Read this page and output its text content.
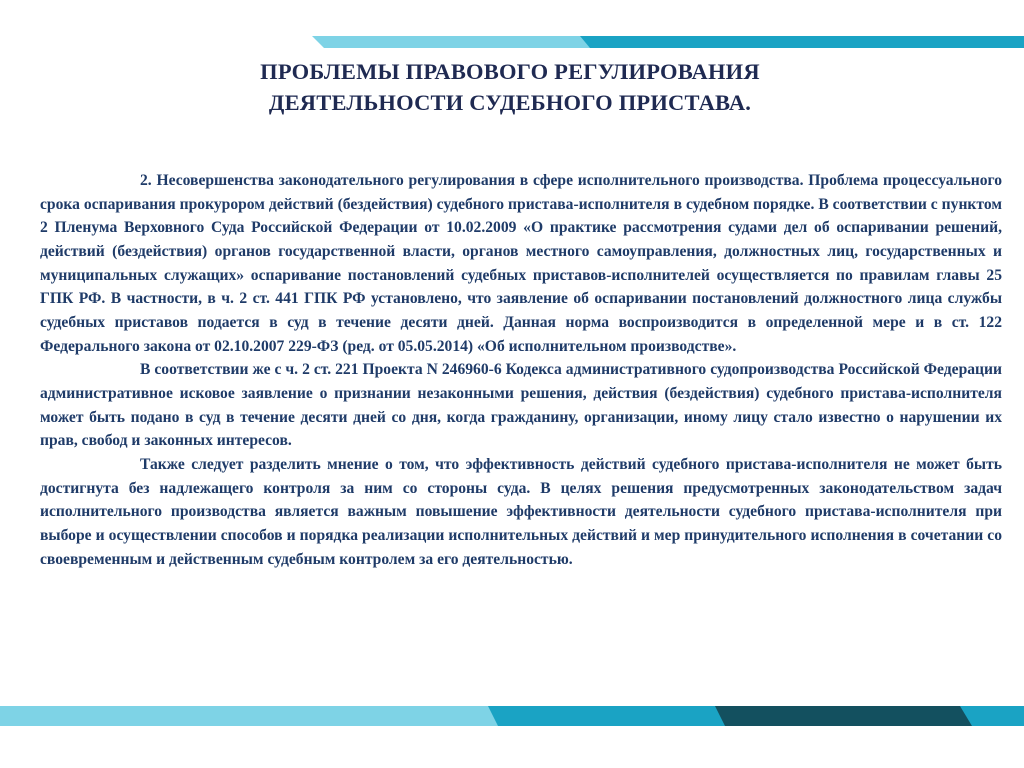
ПРОБЛЕМЫ ПРАВОВОГО РЕГУЛИРОВАНИЯ
ДЕЯТЕЛЬНОСТИ СУДЕБНОГО ПРИСТАВА.

2. Несовершенства законодательного регулирования в сфере исполнительного производства. Проблема процессуального срока оспаривания прокурором действий (бездействия) судебного пристава-исполнителя в судебном порядке. В соответствии с пунктом 2 Пленума Верховного Суда Российской Федерации от 10.02.2009 «О практике рассмотрения судами дел об оспаривании решений, действий (бездействия) органов государственной власти, органов местного самоуправления, должностных лиц, государственных и муниципальных служащих» оспаривание постановлений судебных приставов-исполнителей осуществляется по правилам главы 25 ГПК РФ. В частности, в ч. 2 ст. 441 ГПК РФ установлено, что заявление об оспаривании постановлений должностного лица службы судебных приставов подается в суд в течение десяти дней. Данная норма воспроизводится в определенной мере и в ст. 122 Федерального закона от 02.10.2007 229-ФЗ (ред. от 05.05.2014) «Об исполнительном производстве».

В соответствии же с ч. 2 ст. 221 Проекта N 246960-6 Кодекса административного судопроизводства Российской Федерации административное исковое заявление о признании незаконными решения, действия (бездействия) судебного пристава-исполнителя может быть подано в суд в течение десяти дней со дня, когда гражданину, организации, иному лицу стало известно о нарушении их прав, свобод и законных интересов.

Также следует разделить мнение о том, что эффективность действий судебного пристава-исполнителя не может быть достигнута без надлежащего контроля за ним со стороны суда. В целях решения предусмотренных законодательством задач исполнительного производства является важным повышение эффективности деятельности судебного пристава-исполнителя при выборе и осуществлении способов и порядка реализации исполнительных действий и мер принудительного исполнения в сочетании со своевременным и действенным судебным контролем за его деятельностью.
